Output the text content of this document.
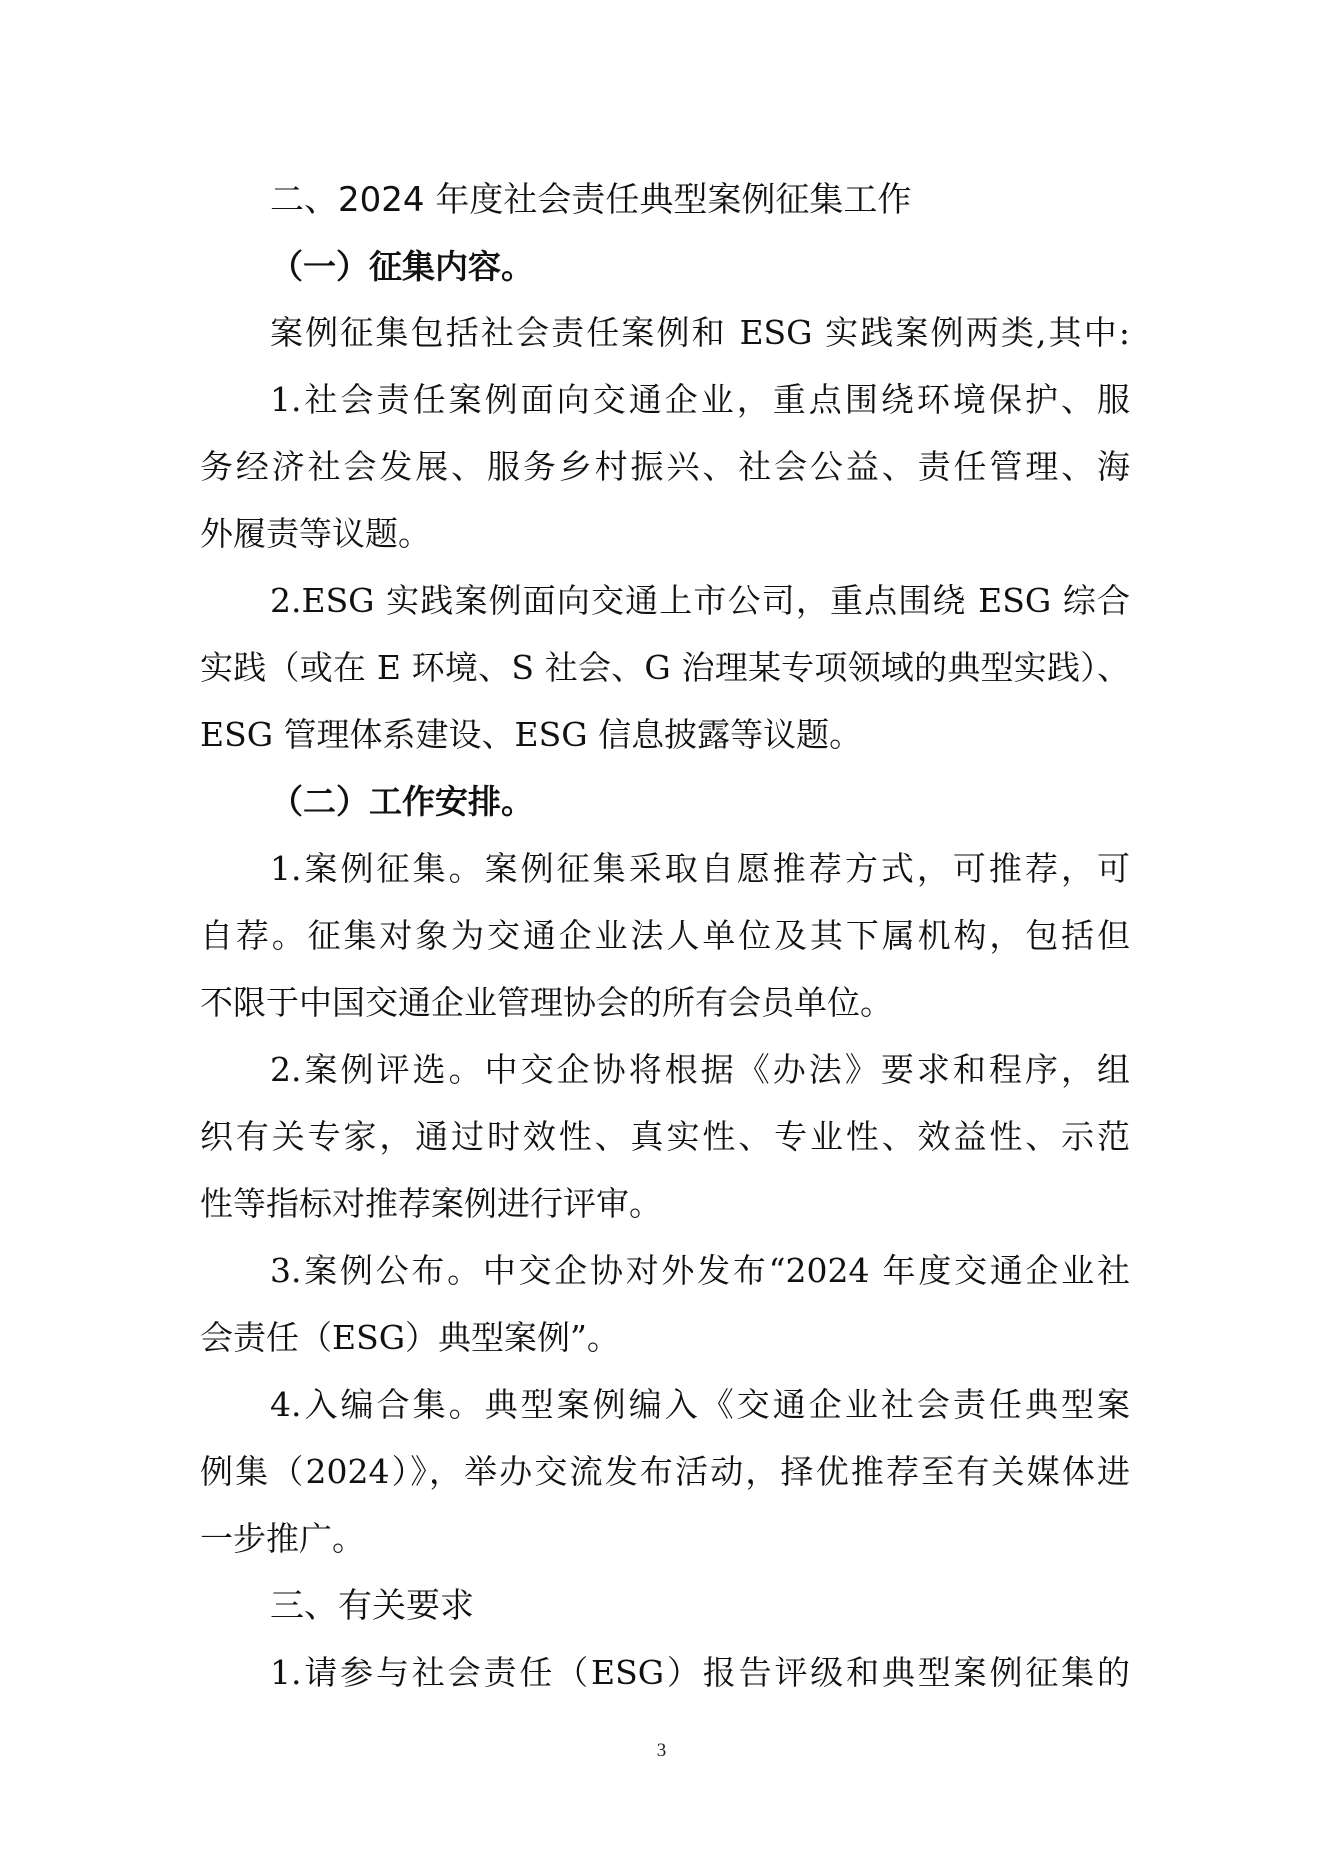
二、2024 年度社会责任典型案例征集工作
（一）征集内容。
案例征集包括社会责任案例和 ESG 实践案例两类,其中:
1.社会责任案例面向交通企业，重点围绕环境保护、服
务经济社会发展、服务乡村振兴、社会公益、责任管理、海
外履责等议题。
2.ESG 实践案例面向交通上市公司，重点围绕 ESG 综合
实践（或在 E 环境、S 社会、G 治理某专项领域的典型实践）、
ESG 管理体系建设、ESG 信息披露等议题。
（二）工作安排。
1.案例征集。案例征集采取自愿推荐方式，可推荐，可
自荐。征集对象为交通企业法人单位及其下属机构，包括但
不限于中国交通企业管理协会的所有会员单位。
2.案例评选。中交企协将根据《办法》要求和程序，组
织有关专家，通过时效性、真实性、专业性、效益性、示范
性等指标对推荐案例进行评审。
3.案例公布。中交企协对外发布“2024 年度交通企业社
会责任（ESG）典型案例”。
4.入编合集。典型案例编入《交通企业社会责任典型案
例集（2024）》，举办交流发布活动，择优推荐至有关媒体进
一步推广。
三、有关要求
1.请参与社会责任（ESG）报告评级和典型案例征集的
3
